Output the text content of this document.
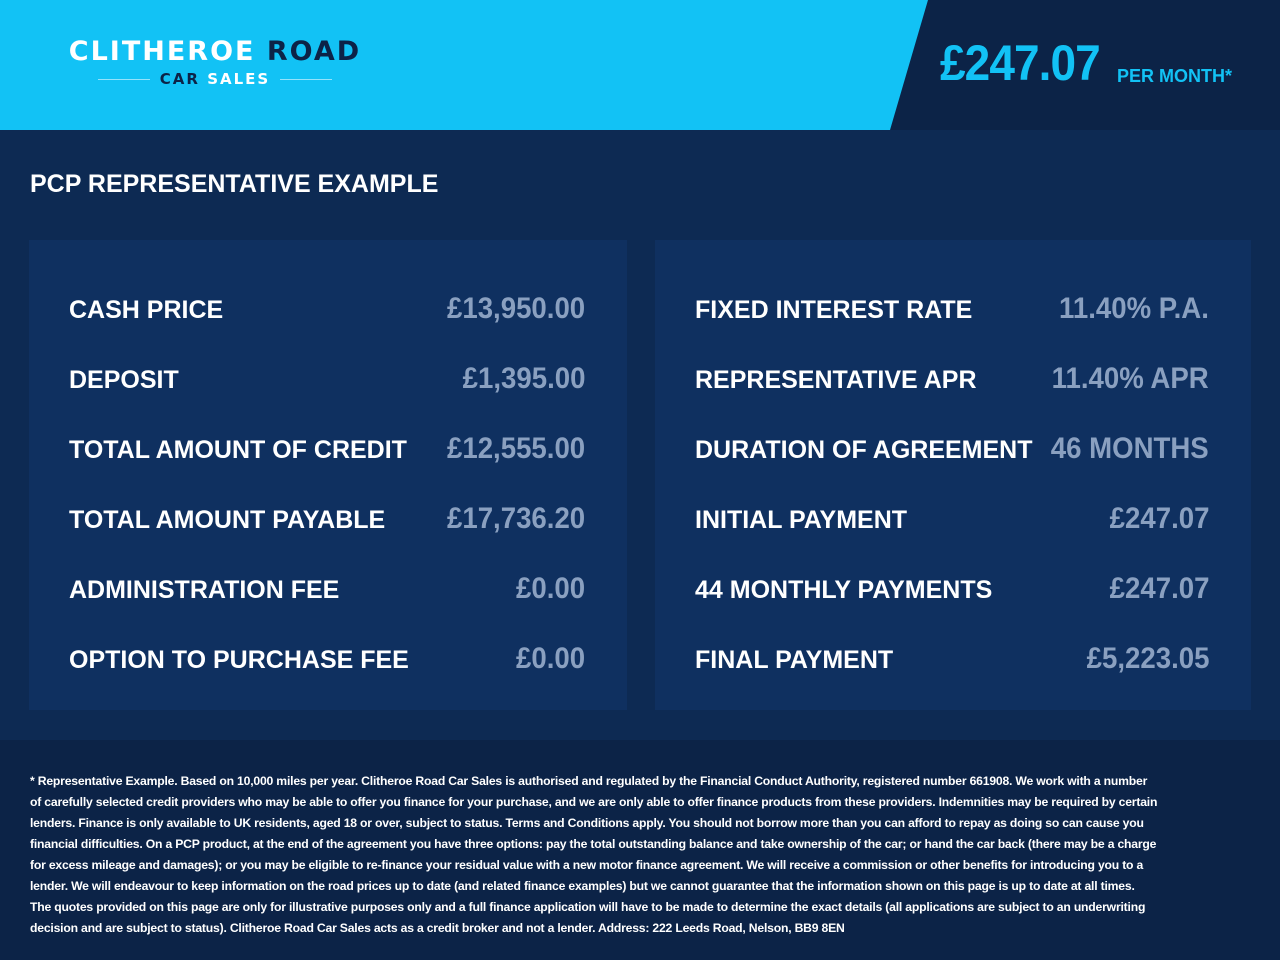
CLITHEROE ROAD
CAR SALES	£247.07 PER MONTH*
PCP REPRESENTATIVE EXAMPLE
CASH PRICE	£13,950.00
DEPOSIT	£1,395.00
TOTAL AMOUNT OF CREDIT £12,555.00
TOTAL AMOUNT PAYABLE £17,736.20
ADMINISTRATION FEE	£0.00
OPTION TO PURCHASE FEE	£0.00
FIXED INTEREST RATE	11.40% P.A.
REPRESENTATIVE APR	11.40% APR
DURATION OF AGREEMENT 46 MONTHS
INITIAL PAYMENT	£247.07
44 MONTHLY PAYMENTS	£247.07
FINAL PAYMENT	£5,223.05
* Representative Example. Based on 10,000 miles per year. Clitheroe Road Car Sales is authorised and regulated by the Financial Conduct Authority, registered number 661908. We work with a number of carefully selected credit providers who may be able to offer you finance for your purchase, and we are only able to offer finance products from these providers. Indemnities may be required by certain lenders. Finance is only available to UK residents, aged 18 or over, subject to status. Terms and Conditions apply. You should not borrow more than you can afford to repay as doing so can cause you financial difficulties. On a PCP product, at the end of the agreement you have three options: pay the total outstanding balance and take ownership of the car; or hand the car back (there may be a charge for excess mileage and damages); or you may be eligible to re-finance your residual value with a new motor finance agreement. We will receive a commission or other benefits for introducing you to a lender. We will endeavour to keep information on the road prices up to date (and related finance examples) but we cannot guarantee that the information shown on this page is up to date at all times. The quotes provided on this page are only for illustrative purposes only and a full finance application will have to be made to determine the exact details (all applications are subject to an underwriting decision and are subject to status). Clitheroe Road Car Sales acts as a credit broker and not a lender. Address: 222 Leeds Road, Nelson, BB9 8EN
